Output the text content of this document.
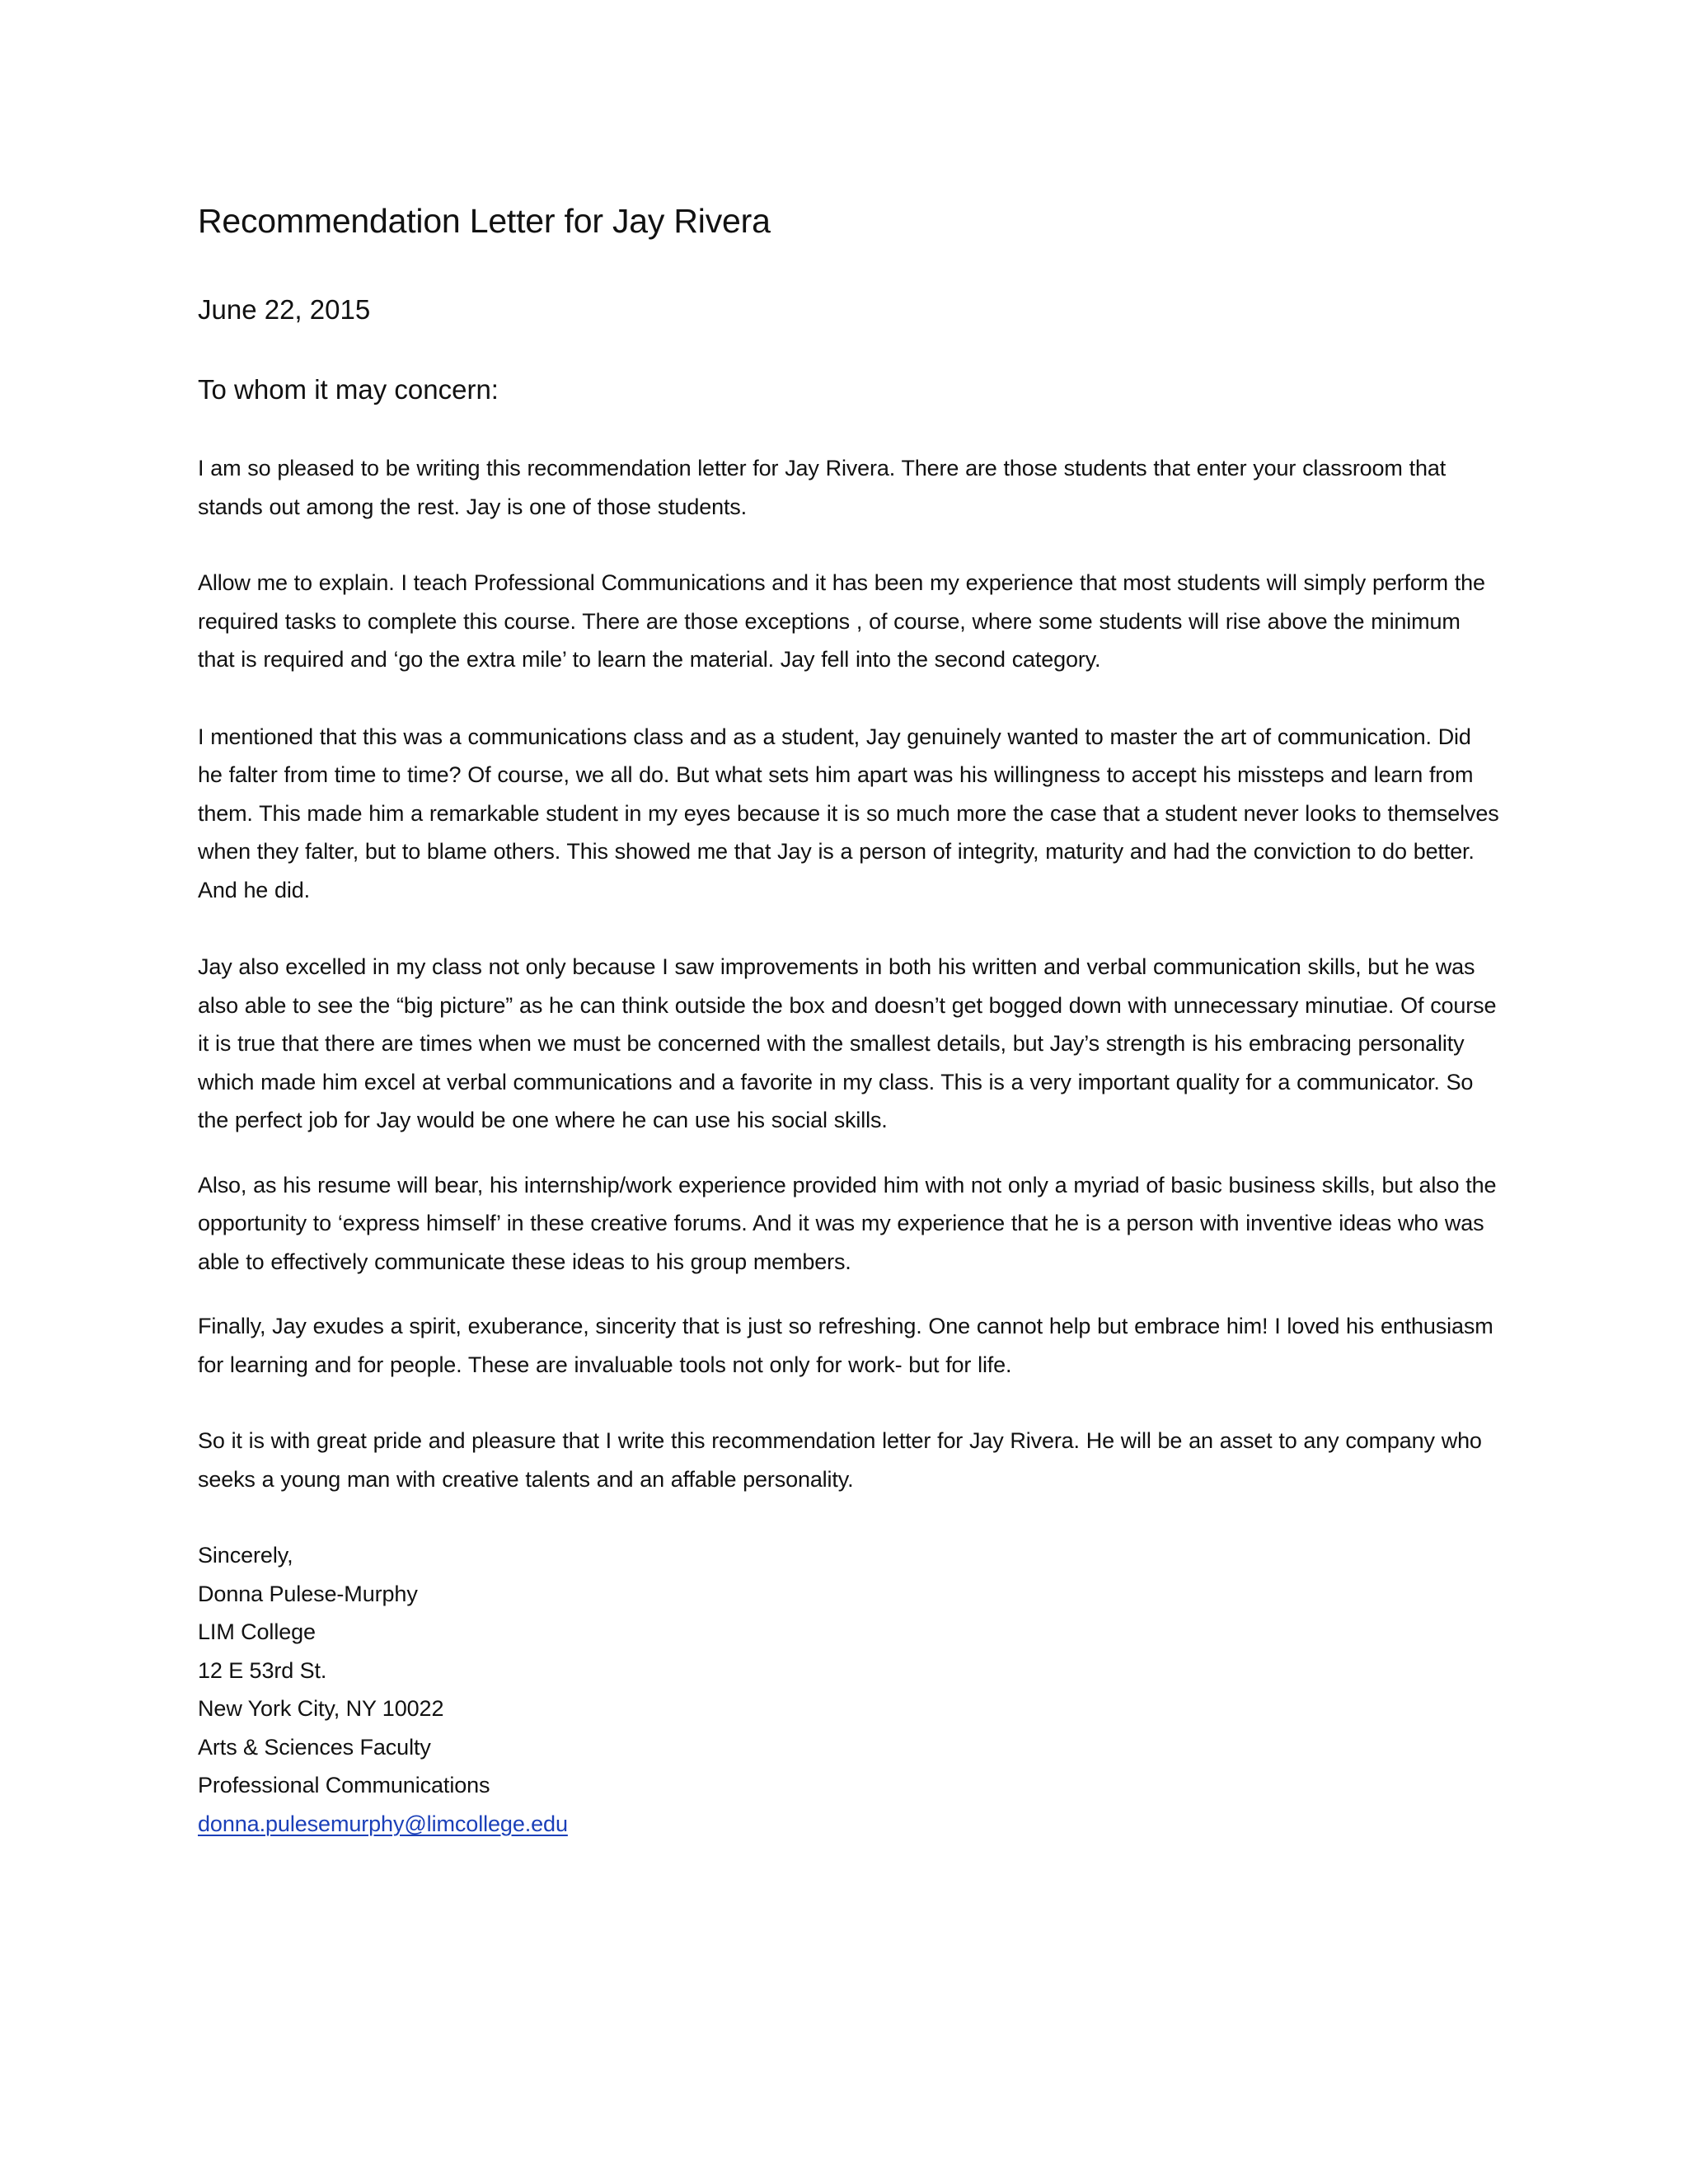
Recommendation Letter for Jay Rivera
June 22, 2015
To whom it may concern:

I am so pleased to be writing this recommendation letter for Jay Rivera. There are those students that enter your classroom that stands out among the rest. Jay is one of those students.

Allow me to explain. I teach Professional Communications and it has been my experience that most students will simply perform the required tasks to complete this course. There are those exceptions , of course, where some students will rise above the minimum that is required and ‘go the extra mile’ to learn the material. Jay fell into the second category.

I mentioned that this was a communications class and as a student, Jay genuinely wanted to master the art of communication. Did he falter from time to time? Of course, we all do. But what sets him apart was his willingness to accept his missteps and learn from them. This made him a remarkable student in my eyes because it is so much more the case that a student never looks to themselves when they falter, but to blame others. This showed me that Jay is a person of integrity, maturity and had the conviction to do better. And he did.

Jay also excelled in my class not only because I saw improvements in both his written and verbal communication skills, but he was also able to see the “big picture” as he can think outside the box and doesn’t get bogged down with unnecessary minutiae. Of course it is true that there are times when we must be concerned with the smallest details, but Jay’s strength is his embracing personality which made him excel at verbal communications and a favorite in my class. This is a very important quality for a communicator. So the perfect job for Jay would be one where he can use his social skills.

Also, as his resume will bear, his internship/work experience provided him with not only a myriad of basic business skills, but also the opportunity to ‘express himself’ in these creative forums. And it was my experience that he is a person with inventive ideas who was able to effectively communicate these ideas to his group members.

Finally, Jay exudes a spirit, exuberance, sincerity that is just so refreshing. One cannot help but embrace him! I loved his enthusiasm for learning and for people. These are invaluable tools not only for work- but for life.

So it is with great pride and pleasure that I write this recommendation letter for Jay Rivera. He will be an asset to any company who seeks a young man with creative talents and an affable personality.

Sincerely,
Donna Pulese-Murphy
LIM College
12 E 53rd St.
New York City, NY 10022
Arts & Sciences Faculty
Professional Communications
donna.pulesemurphy@limcollege.edu
